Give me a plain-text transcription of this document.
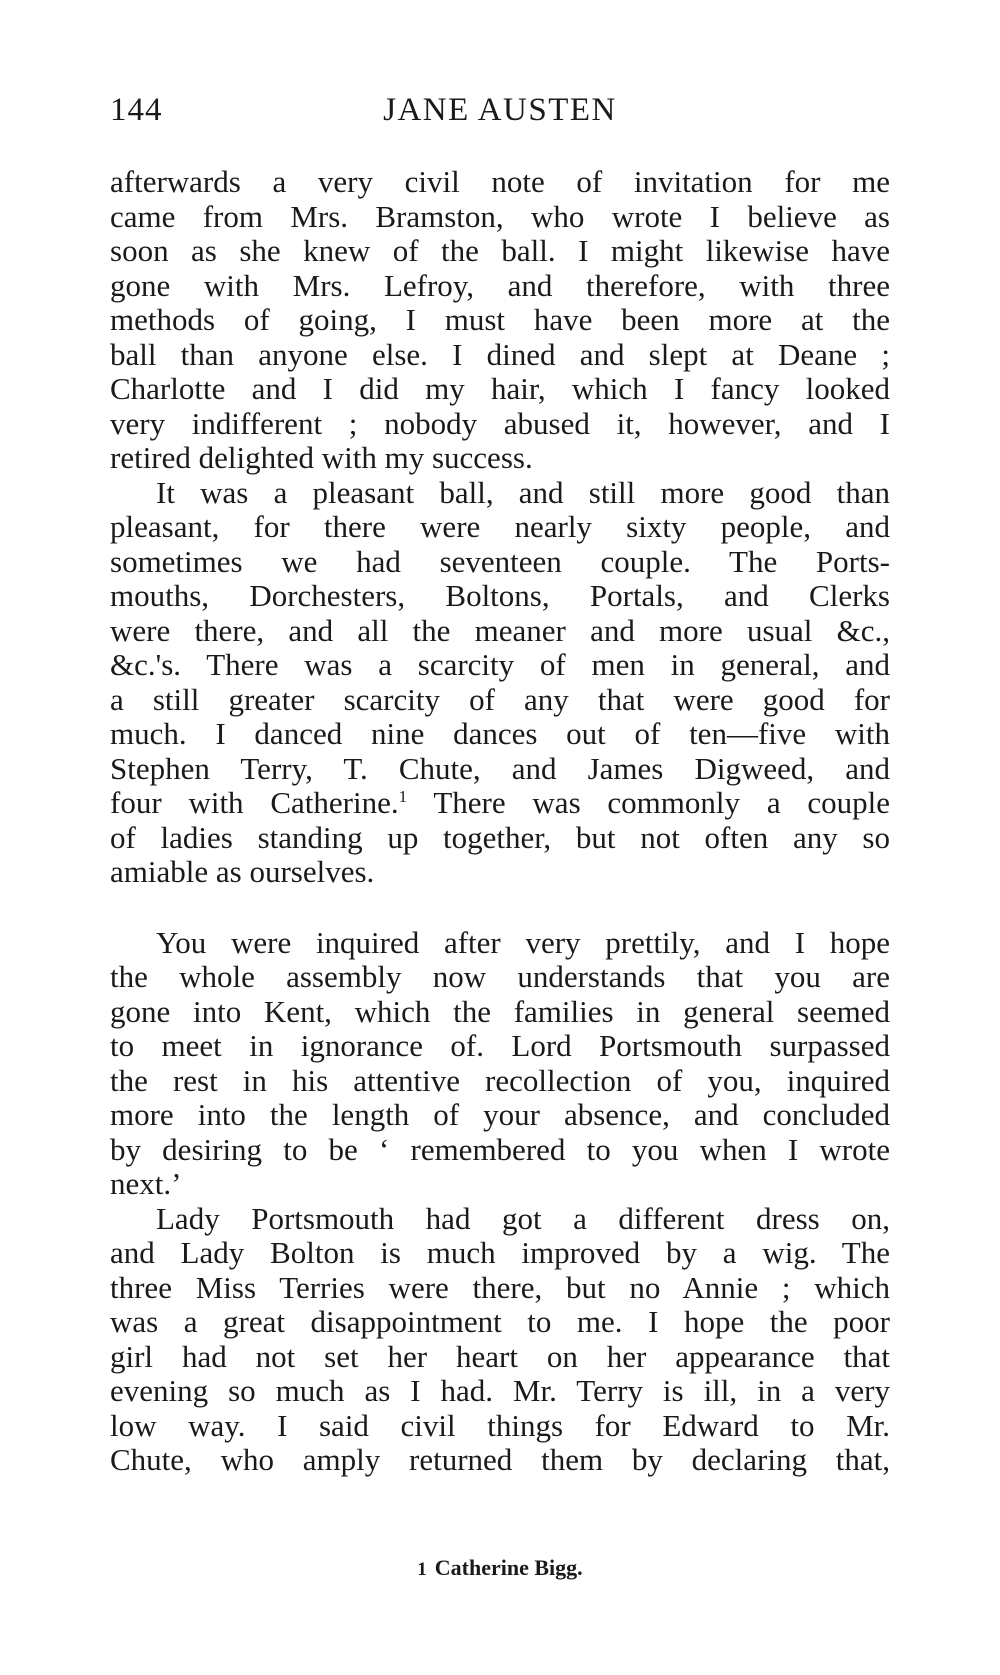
144	JANE AUSTEN
afterwards a very civil note of invitation for me
came from Mrs. Bramston, who wrote I believe as
soon as she knew of the ball. I might likewise have
gone with Mrs. Lefroy, and therefore, with three
methods of going, I must have been more at the
ball than anyone else. I dined and slept at Deane ;
Charlotte and I did my hair, which I fancy looked
very indifferent ; nobody abused it, however, and I
retired delighted with my success.
It was a pleasant ball, and still more good than
pleasant, for there were nearly sixty people, and
sometimes we had seventeen couple. The Ports-
mouths, Dorchesters, Boltons, Portals, and Clerks
were there, and all the meaner and more usual &c.,
&c.'s. There was a scarcity of men in general, and
a still greater scarcity of any that were good for
much. I danced nine dances out of ten—five with
Stephen Terry, T. Chute, and James Digweed, and
four with Catherine.$^1$ There was commonly a couple
of ladies standing up together, but not often any so
amiable as ourselves.
You were inquired after very prettily, and I hope
the whole assembly now understands that you are
gone into Kent, which the families in general seemed
to meet in ignorance of. Lord Portsmouth surpassed
the rest in his attentive recollection of you, inquired
more into the length of your absence, and concluded
by desiring to be ‘ remembered to you when I wrote
next.’
Lady Portsmouth had got a different dress on,
and Lady Bolton is much improved by a wig. The
three Miss Terries were there, but no Annie ; which
was a great disappointment to me. I hope the poor
girl had not set her heart on her appearance that
evening so much as I had. Mr. Terry is ill, in a very
low way. I said civil things for Edward to Mr.
Chute, who amply returned them by declaring that,
1 Catherine Bigg.
